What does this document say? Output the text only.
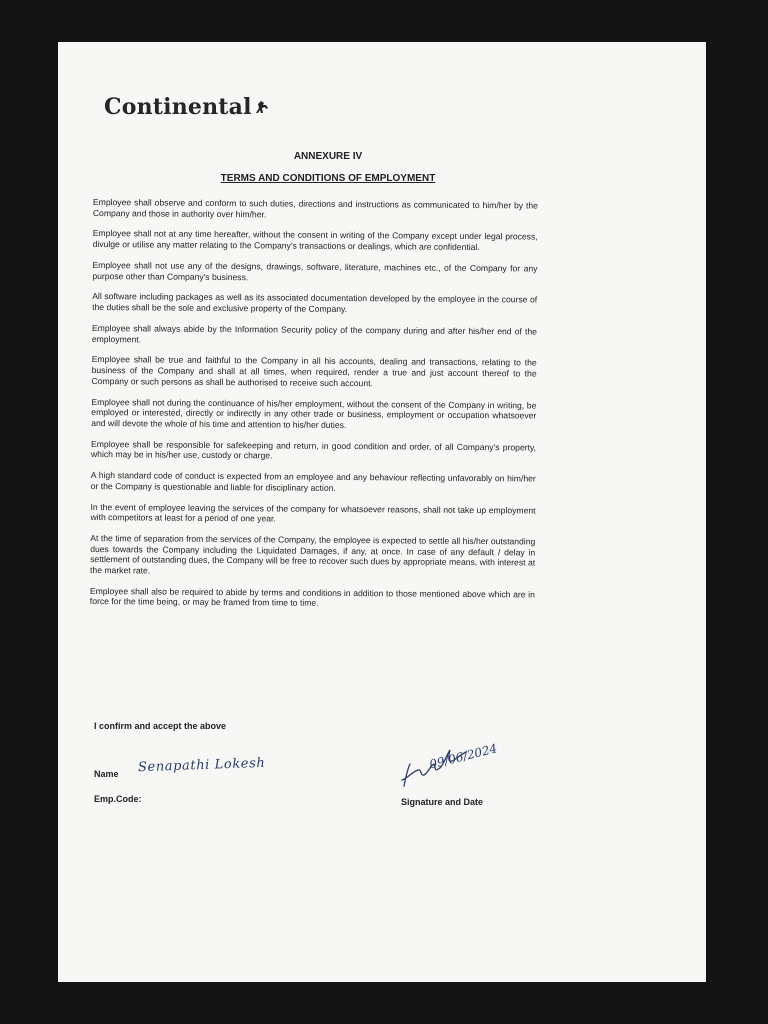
Continental
ANNEXURE IV
TERMS AND CONDITIONS OF EMPLOYMENT

Employee shall observe and conform to such duties, directions and instructions as communicated to him/her by the Company and those in authority over him/her.

Employee shall not at any time hereafter, without the consent in writing of the Company except under legal process, divulge or utilise any matter relating to the Company's transactions or dealings, which are confidential.

Employee shall not use any of the designs, drawings, software, literature, machines etc., of the Company for any purpose other than Company's business.

All software including packages as well as its associated documentation developed by the employee in the course of the duties shall be the sole and exclusive property of the Company.

Employee shall always abide by the Information Security policy of the company during and after his/her end of the employment.

Employee shall be true and faithful to the Company in all his accounts, dealing and transactions, relating to the business of the Company and shall at all times, when required, render a true and just account thereof to the Company or such persons as shall be authorised to receive such account.

Employee shall not during the continuance of his/her employment, without the consent of the Company in writing, be employed or interested, directly or indirectly in any other trade or business, employment or occupation whatsoever and will devote the whole of his time and attention to his/her duties.

Employee shall be responsible for safekeeping and return, in good condition and order, of all Company's property, which may be in his/her use, custody or charge.

A high standard code of conduct is expected from an employee and any behaviour reflecting unfavorably on him/her or the Company is questionable and liable for disciplinary action.

In the event of employee leaving the services of the company for whatsoever reasons, shall not take up employment with competitors at least for a period of one year.

At the time of separation from the services of the Company, the employee is expected to settle all his/her outstanding dues towards the Company including the Liquidated Damages, if any, at once. In case of any default / delay in settlement of outstanding dues, the Company will be free to recover such dues by appropriate means, with interest at the market rate.

Employee shall also be required to abide by terms and conditions in addition to those mentioned above which are in force for the time being, or may be framed from time to time.

I confirm and accept the above
Name Senapathi Lokesh
Emp.Code:
09/06/2024
Signature and Date
